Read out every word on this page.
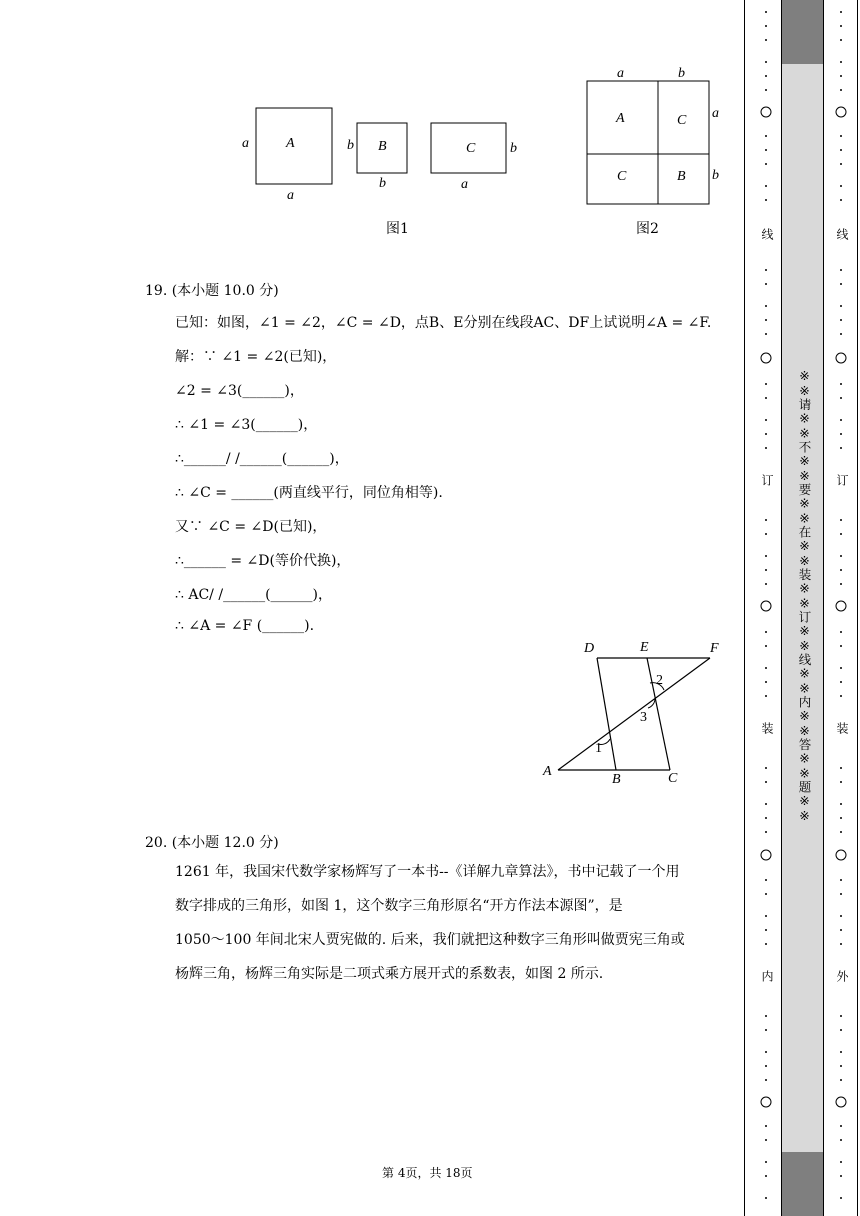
A
a
a
B
b
b
C b
a
图1
a	b
a
b
A	C
C	B
图2
19. (本小题 10.0 分)
已知：如图，∠1 = ∠2，∠C = ∠D，点B、E分别在线段AC、DF上试说明∠A = ∠F.
解：∵ ∠1 = ∠2(已知)，
∠2 = ∠3(______)，
∴ ∠1 = ∠3(______)，
∴______/ /______(______)，
∴ ∠C = ______(两直线平行，同位角相等).
又∵ ∠C = ∠D(已知)，
∴______ = ∠D(等价代换)，
∴ AC/ /______(______)，
∴ ∠A = ∠F (______).
D	E	F
A
B	C
1
2
3
20. (本小题 12.0 分)
1261 年，我国宋代数学家杨辉写了一本书--《详解九章算法》，书中记载了一个用
数字排成的三角形，如图 1，这个数字三角形原名“开方作法本源图”，是
1050～100 年间北宋人贾宪做的. 后来，我们就把这种数字三角形叫做贾宪三角或
杨辉三角，杨辉三角实际是二项式乘方展开式的系数表，如图 2 所示.
第 4页，共 18页
※※请※※不※※要※※在※※装※※订※※线※※内※※答※※题※※
线
订
装
内
线
订
装
外
